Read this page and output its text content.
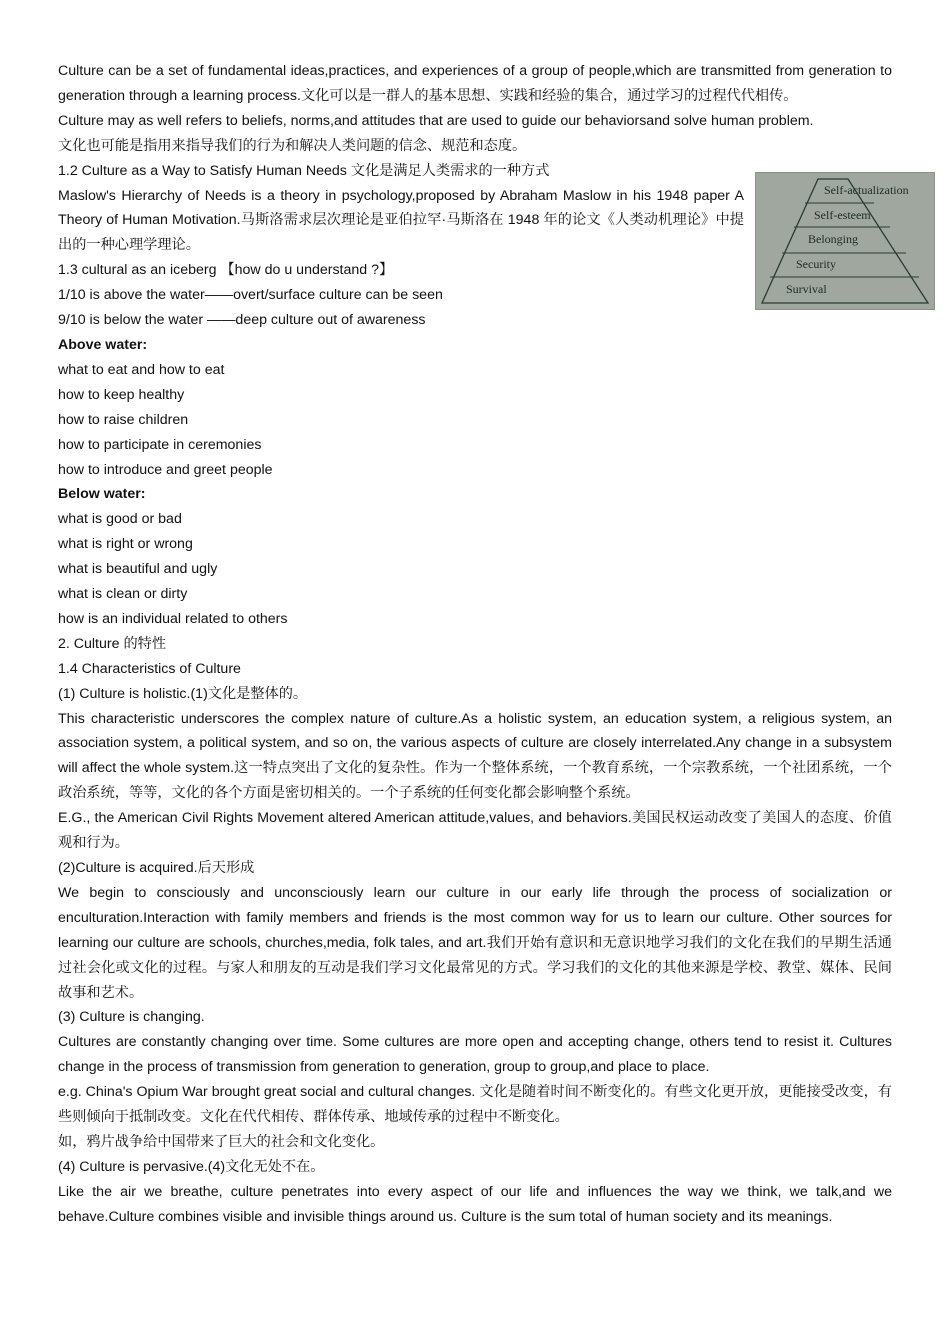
Culture can be a set of fundamental ideas,practices, and experiences of a group of people,which are transmitted from generation to generation through a learning process.文化可以是一群人的基本思想、实践和经验的集合，通过学习的过程代代相传。

Culture may as well refers to beliefs, norms,and attitudes that are used to guide our behaviorsand solve human problem.

文化也可能是指用来指导我们的行为和解决人类问题的信念、规范和态度。

1.2 Culture as a Way to Satisfy Human Needs 文化是满足人类需求的一种方式

Maslow's Hierarchy of Needs is a theory in psychology,proposed by Abraham Maslow in his 1948 paper A Theory of Human Motivation.马斯洛需求层次理论是亚伯拉罕·马斯洛在 1948 年的论文《人类动机理论》中提出的一种心理学理论。

1.3 cultural as an iceberg 【how do u understand ?】

1/10 is above the water——overt/surface culture can be seen

9/10 is below the water ——deep culture out of awareness

Above water:

what to eat and how to eat

how to keep healthy

how to raise children

how to participate in ceremonies

how to introduce and greet people

Below water:

what is good or bad

what is right or wrong

what is beautiful and ugly

what is clean or dirty

how is an individual related to others

2. Culture 的特性

1.4 Characteristics of Culture

(1) Culture is holistic.(1)文化是整体的。

This characteristic underscores the complex nature of culture.As a holistic system, an education system, a religious system, an association system, a political system, and so on, the various aspects of culture are closely interrelated.Any change in a subsystem will affect the whole system.这一特点突出了文化的复杂性。作为一个整体系统，一个教育系统，一个宗教系统，一个社团系统，一个政治系统，等等，文化的各个方面是密切相关的。一个子系统的任何变化都会影响整个系统。

E.G., the American Civil Rights Movement altered American attitude,values, and behaviors.美国民权运动改变了美国人的态度、价值观和行为。

(2)Culture is acquired.后天形成

We begin to consciously and unconsciously learn our culture in our early life through the process of socialization or enculturation.Interaction with family members and friends is the most common way for us to learn our culture. Other sources for learning our culture are schools, churches,media, folk tales, and art.我们开始有意识和无意识地学习我们的文化在我们的早期生活通过社会化或文化的过程。与家人和朋友的互动是我们学习文化最常见的方式。学习我们的文化的其他来源是学校、教堂、媒体、民间故事和艺术。

(3) Culture is changing.

Cultures are constantly changing over time. Some cultures are more open and accepting change, others tend to resist it. Cultures change in the process of transmission from generation to generation, group to group,and place to place.

e.g. China's Opium War brought great social and cultural changes. 文化是随着时间不断变化的。有些文化更开放，更能接受改变，有些则倾向于抵制改变。文化在代代相传、群体传承、地域传承的过程中不断变化。

如，鸦片战争给中国带来了巨大的社会和文化变化。

(4) Culture is pervasive.(4)文化无处不在。

Like the air we breathe, culture penetrates into every aspect of our life and influences the way we think, we talk,and we behave.Culture combines visible and invisible things around us. Culture is the sum total of human society and its meanings.

Self-actualization
Self-esteem
Belonging
Security
Survival
